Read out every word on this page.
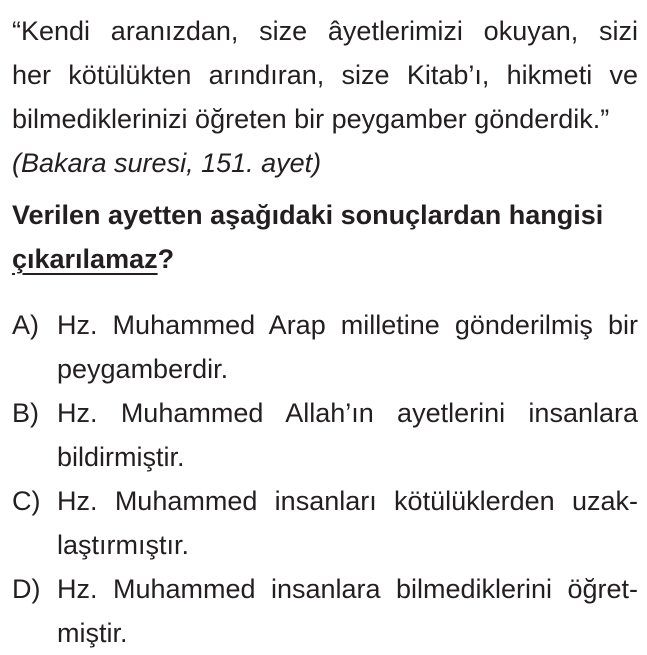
“Kendi aranızdan, size âyetlerimizi okuyan, sizi
her kötülükten arındıran, size Kitab’ı, hikmeti ve
bilmediklerinizi öğreten bir peygamber gönderdik.”
(Bakara suresi, 151. ayet)
Verilen ayetten aşağıdaki sonuçlardan hangisi
çıkarılamaz?
A) Hz. Muhammed Arap milletine gönderilmiş bir
peygamberdir.
B) Hz. Muhammed Allah’ın ayetlerini insanlara
bildirmiştir.
C) Hz. Muhammed insanları kötülüklerden uzak-
laştırmıştır.
D) Hz. Muhammed insanlara bilmediklerini öğret-
miştir.
